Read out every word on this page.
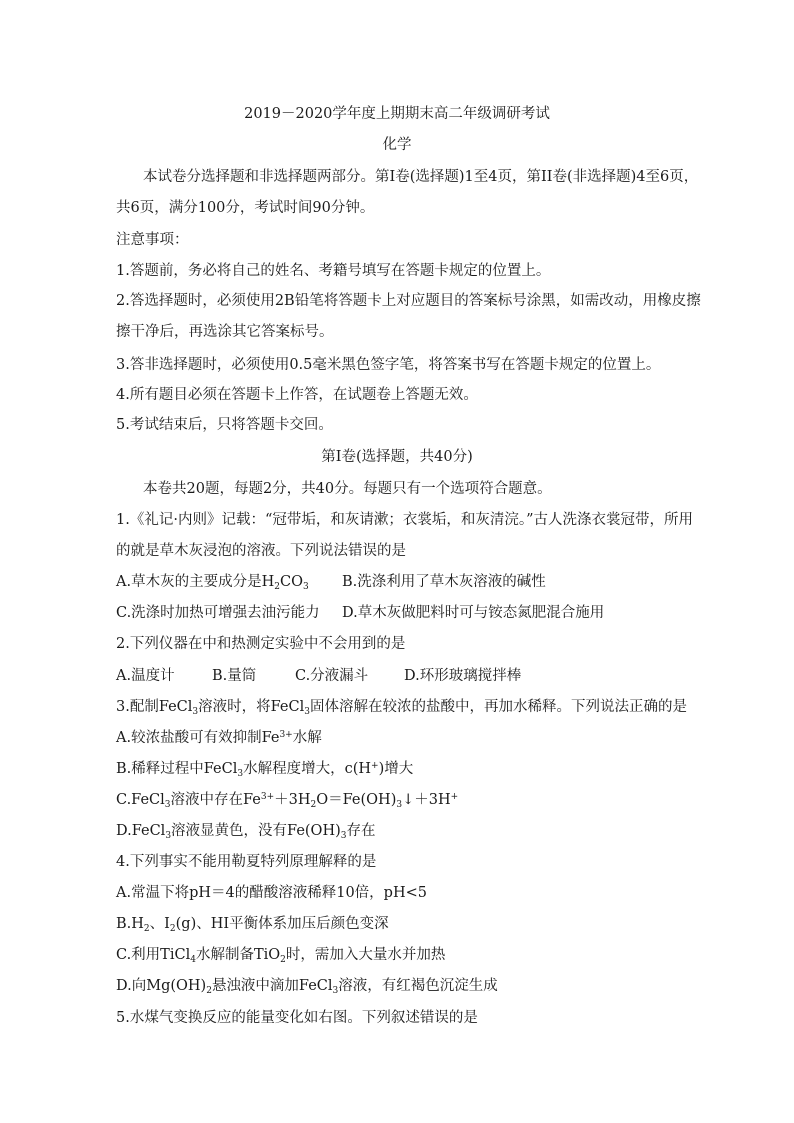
2019－2020学年度上期期末高二年级调研考试
化学
本试卷分选择题和非选择题两部分。第I卷(选择题)1至4页，第II卷(非选择题)4至6页，
共6页，满分100分，考试时间90分钟。
注意事项：
1.答题前，务必将自己的姓名、考籍号填写在答题卡规定的位置上。
2.答选择题时，必须使用2B铅笔将答题卡上对应题目的答案标号涂黑，如需改动，用橡皮擦
擦干净后，再选涂其它答案标号。
3.答非选择题时，必须使用0.5毫米黑色签字笔，将答案书写在答题卡规定的位置上。
4.所有题目必须在答题卡上作答，在试题卷上答题无效。
5.考试结束后，只将答题卡交回。
第I卷(选择题，共40分)
本卷共20题，每题2分，共40分。每题只有一个选项符合题意。
1.《礼记·内则》记载：“冠带垢，和灰请漱；衣裳垢，和灰清浣。”古人洗涤衣裳冠带，所用
的就是草木灰浸泡的溶液。下列说法错误的是
A.草木灰的主要成分是$H_2CO_3$ B.洗涤利用了草木灰溶液的碱性
C.洗涤时加热可增强去油污能力 D.草木灰做肥料时可与铵态氮肥混合施用
2.下列仪器在中和热测定实验中不会用到的是
A.温度计	B.量筒	C.分液漏斗 D.环形玻璃搅拌棒
3.配制FeCl$_3$溶液时，将FeCl$_3$固体溶解在较浓的盐酸中，再加水稀释。下列说法正确的是
A.较浓盐酸可有效抑制$Fe^{3+}$水解
B.稀释过程中FeCl$_3$水解程度增大，c(H+)增大
C.FeCl$_3$溶液中存在$Fe^{3+}+3H_2O=Fe(OH)_3↓+3H^+$
D.FeCl$_3$溶液显黄色，没有$Fe(OH)_3$存在
4.下列事实不能用勒夏特列原理解释的是
A.常温下将pH＝4的醋酸溶液稀释10倍，pH<5
$B.H_2$、$I_2(g)$、HI平衡体系加压后颜色变深
C.利用TiCl$_4$水解制备TiO$_2$时，需加入大量水并加热
D.向$Mg(OH)_2$悬浊液中滴加FeCl$_3$溶液，有红褐色沉淀生成
5.水煤气变换反应的能量变化如右图。下列叙述错误的是
